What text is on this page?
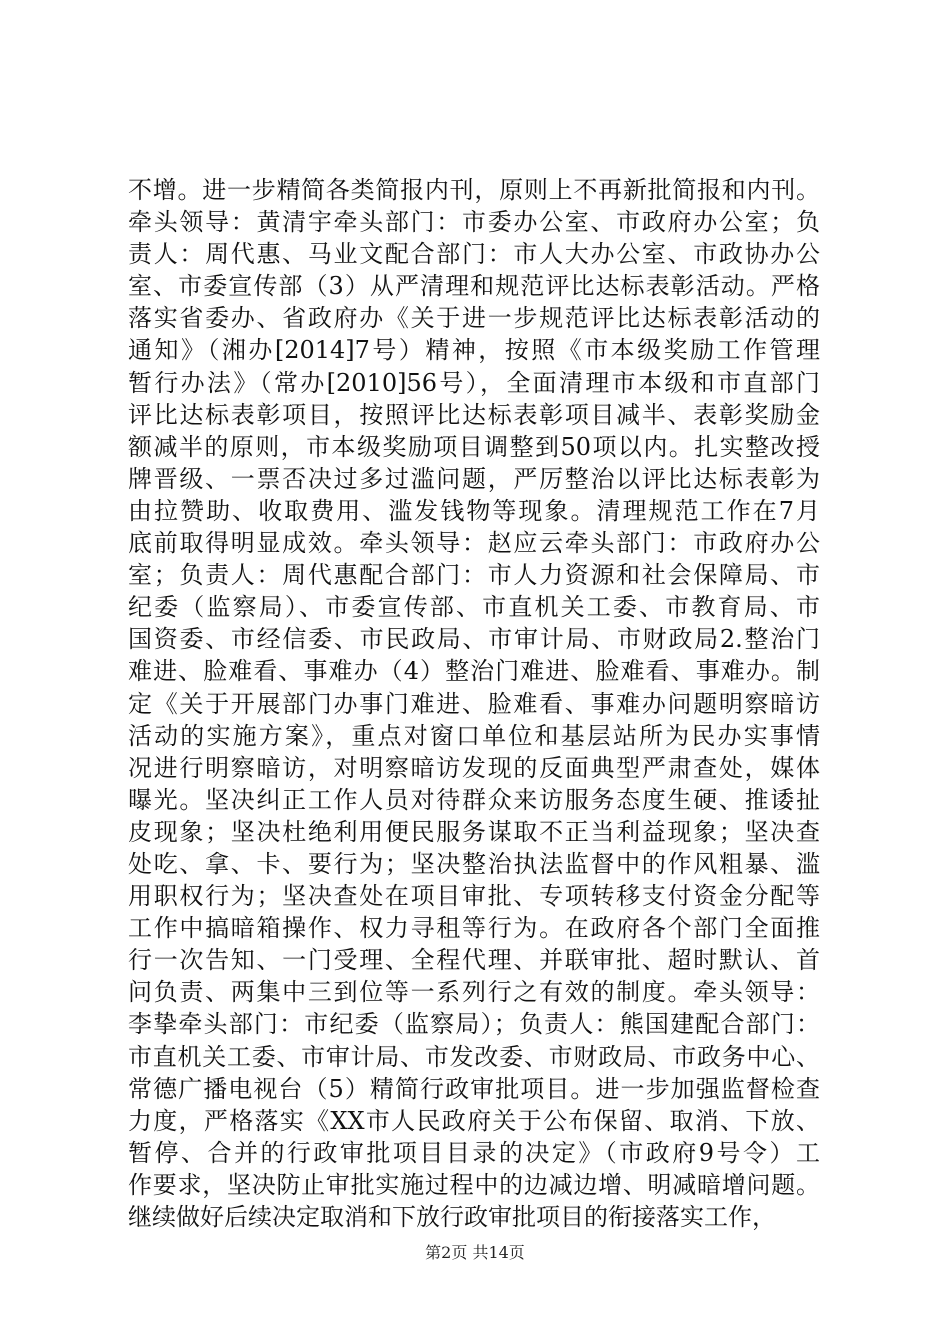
不增。进一步精简各类简报内刊，原则上不再新批简报和内刊。
牵头领导：黄清宇牵头部门：市委办公室、市政府办公室；负
责人：周代惠、马业文配合部门：市人大办公室、市政协办公
室、市委宣传部（3）从严清理和规范评比达标表彰活动。严格
落实省委办、省政府办《关于进一步规范评比达标表彰活动的
通知》（湘办[2014]7号）精神，按照《市本级奖励工作管理
暂行办法》（常办[2010]56号），全面清理市本级和市直部门
评比达标表彰项目，按照评比达标表彰项目减半、表彰奖励金
额减半的原则，市本级奖励项目调整到50项以内。扎实整改授
牌晋级、一票否决过多过滥问题，严厉整治以评比达标表彰为
由拉赞助、收取费用、滥发钱物等现象。清理规范工作在7月
底前取得明显成效。牵头领导：赵应云牵头部门：市政府办公
室；负责人：周代惠配合部门：市人力资源和社会保障局、市
纪委（监察局）、市委宣传部、市直机关工委、市教育局、市
国资委、市经信委、市民政局、市审计局、市财政局2.整治门
难进、脸难看、事难办（4）整治门难进、脸难看、事难办。制
定《关于开展部门办事门难进、脸难看、事难办问题明察暗访
活动的实施方案》，重点对窗口单位和基层站所为民办实事情
况进行明察暗访，对明察暗访发现的反面典型严肃查处，媒体
曝光。坚决纠正工作人员对待群众来访服务态度生硬、推诿扯
皮现象；坚决杜绝利用便民服务谋取不正当利益现象；坚决查
处吃、拿、卡、要行为；坚决整治执法监督中的作风粗暴、滥
用职权行为；坚决查处在项目审批、专项转移支付资金分配等
工作中搞暗箱操作、权力寻租等行为。在政府各个部门全面推
行一次告知、一门受理、全程代理、并联审批、超时默认、首
问负责、两集中三到位等一系列行之有效的制度。牵头领导：
李挚牵头部门：市纪委（监察局）；负责人：熊国建配合部门：
市直机关工委、市审计局、市发改委、市财政局、市政务中心、
常德广播电视台（5）精简行政审批项目。进一步加强监督检查
力度，严格落实《XX市人民政府关于公布保留、取消、下放、
暂停、合并的行政审批项目目录的决定》（市政府9号令）工
作要求，坚决防止审批实施过程中的边减边增、明减暗增问题。
继续做好后续决定取消和下放行政审批项目的衔接落实工作，
第2页 共14页
